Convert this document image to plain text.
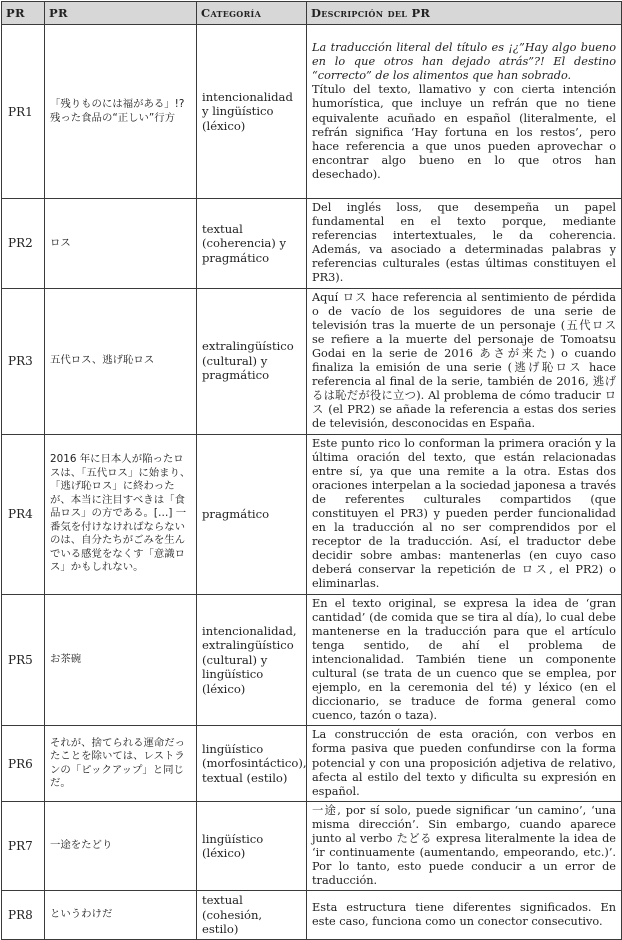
PR	PR	Categoría	Descripción del PR
PR1	「残りものには福がある」!? 残った食品の“正しい”行方	intencionalidad y lingüístico (léxico)	La traducción literal del título es ¡¿”Hay algo bueno en lo que otros han dejado atrás”?! El destino “correcto” de los alimentos que han sobrado.
Título del texto, llamativo y con cierta intención humorística, que incluye un refrán que no tiene equivalente acuñado en español (literalmente, el refrán significa ‘Hay fortuna en los restos’, pero hace referencia a que unos pueden aprovechar o encontrar algo bueno en lo que otros han desechado).

PR2	ロス	textual (coherencia) y pragmático	Del inglés loss, que desempeña un papel fundamental en el texto porque, mediante referencias intertextuales, le da coherencia. Además, va asociado a determinadas palabras y referencias culturales (estas últimas constituyen el PR3).

PR3	五代ロス、逃げ恥ロス	extralingüístico (cultural) y pragmático	Aquí ロス hace referencia al sentimiento de pérdida o de vacío de los seguidores de una serie de televisión tras la muerte de un personaje (五代ロス se refiere a la muerte del personaje de Tomoatsu Godai en la serie de 2016 あさが来た) o cuando finaliza la emisión de una serie (逃げ恥ロス hace referencia al final de la serie, también de 2016, 逃げるは恥だが役に立つ). Al problema de cómo traducir ロス (el PR2) se añade la referencia a estas dos series de televisión, desconocidas en España.

PR4	2016 年に日本人が陥ったロスは、「五代ロス」に始まり、「逃げ恥ロス」に終わったが、本当に注目すべきは「食品ロス」の方である。[…] 一番気を付けなければならないのは、自分たちがごみを生んでいる感覚をなくす「意識ロス」かもしれない。	pragmático	Este punto rico lo conforman la primera oración y la última oración del texto, que están relacionadas entre sí, ya que una remite a la otra. Estas dos oraciones interpelan a la sociedad japonesa a través de referentes culturales compartidos (que constituyen el PR3) y pueden perder funcionalidad en la traducción al no ser comprendidos por el receptor de la traducción. Así, el traductor debe decidir sobre ambas: mantenerlas (en cuyo caso deberá conservar la repetición de ロス, el PR2) o eliminarlas.

PR5	お茶碗	intencionalidad, extralingüístico (cultural) y lingüístico (léxico)	En el texto original, se expresa la idea de ‘gran cantidad’ (de comida que se tira al día), lo cual debe mantenerse en la traducción para que el artículo tenga sentido, de ahí el problema de intencionalidad. También tiene un componente cultural (se trata de un cuenco que se emplea, por ejemplo, en la ceremonia del té) y léxico (en el diccionario, se traduce de forma general como cuenco, tazón o taza).

PR6	それが、捨てられる運命だったことを除いては、レストランの「ピックアップ」と同じだ。	lingüístico (morfosintáctico), textual (estilo)	La construcción de esta oración, con verbos en forma pasiva que pueden confundirse con la forma potencial y con una proposición adjetiva de relativo, afecta al estilo del texto y dificulta su expresión en español.

PR7	一途をたどり	lingüístico (léxico)	一途, por sí solo, puede significar ‘un camino’, ‘una misma dirección’. Sin embargo, cuando aparece junto al verbo たどる expresa literalmente la idea de ‘ir continuamente (aumentando, empeorando, etc.)’. Por lo tanto, esto puede conducir a un error de traducción.

PR8	というわけだ	textual (cohesión, estilo)	Esta estructura tiene diferentes significados. En este caso, funciona como un conector consecutivo.
